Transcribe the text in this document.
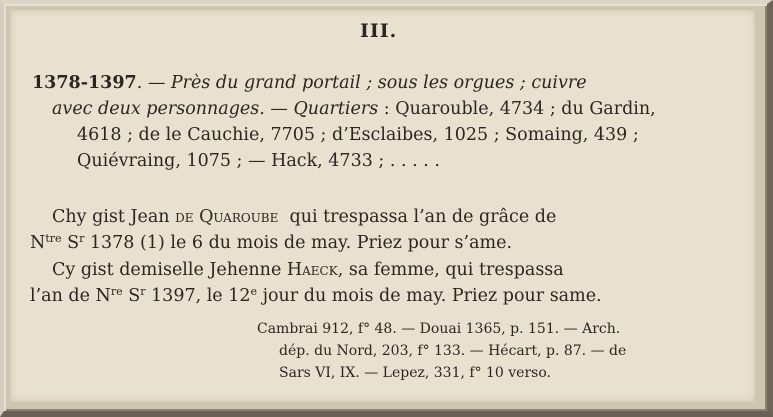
III.
1378-1397. — Près du grand portail ; sous les orgues ; cuivre
avec deux personnages. — Quartiers : Quarouble, 4734 ; du Gardin,
4618 ; de le Cauchie, 7705 ; d’Esclaibes, 1025 ; Somaing, 439 ;
Quiévraing, 1075 ; — Hack, 4733 ; . . . . .
Chy gist Jean de Quaroube  qui trespassa l’an de grâce de
$N^{tre}$ $S^r$ 1378 (1) le 6 du mois de may. Priez pour s’ame.
Cy gist demiselle Jehenne Haeck, sa femme, qui trespassa
l’an de $N^{re}$ $S^r$ 1397, le 12e jour du mois de may. Priez pour same.
Cambrai 912, f° 48. — Douai 1365, p. 151. — Arch.
dép. du Nord, 203, f° 133. — Hécart, p. 87. — de
Sars VI, IX. — Lepez, 331, f° 10 verso.
